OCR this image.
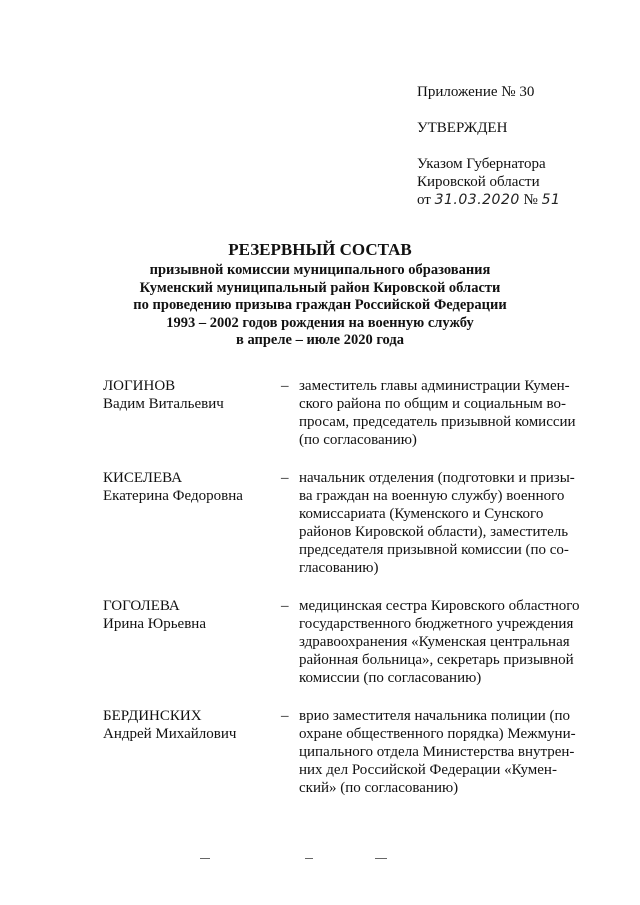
Приложение № 30
УТВЕРЖДЕН
Указом Губернатора
Кировской области
от 31.03.2020 № 51
РЕЗЕРВНЫЙ СОСТАВ
призывной комиссии муниципального образования
Куменский муниципальный район Кировской области
по проведению призыва граждан Российской Федерации
1993 – 2002 годов рождения на военную службу
в апреле – июле 2020 года
ЛОГИНОВ
Вадим Витальевич
– заместитель главы администрации Кумен-
ского района по общим и социальным во-
просам, председатель призывной комиссии
(по согласованию)
КИСЕЛЕВА
Екатерина Федоровна
– начальник отделения (подготовки и призы-
ва граждан на военную службу) военного
комиссариата (Куменского и Сунского
районов Кировской области), заместитель
председателя призывной комиссии (по со-
гласованию)
ГОГОЛЕВА
Ирина Юрьевна
– медицинская сестра Кировского областного
государственного бюджетного учреждения
здравоохранения «Куменская центральная
районная больница», секретарь призывной
комиссии (по согласованию)
БЕРДИНСКИХ
Андрей Михайлович
– врио заместителя начальника полиции (по
охране общественного порядка) Межмуни-
ципального отдела Министерства внутрен-
них дел Российской Федерации «Кумен-
ский» (по согласованию)
